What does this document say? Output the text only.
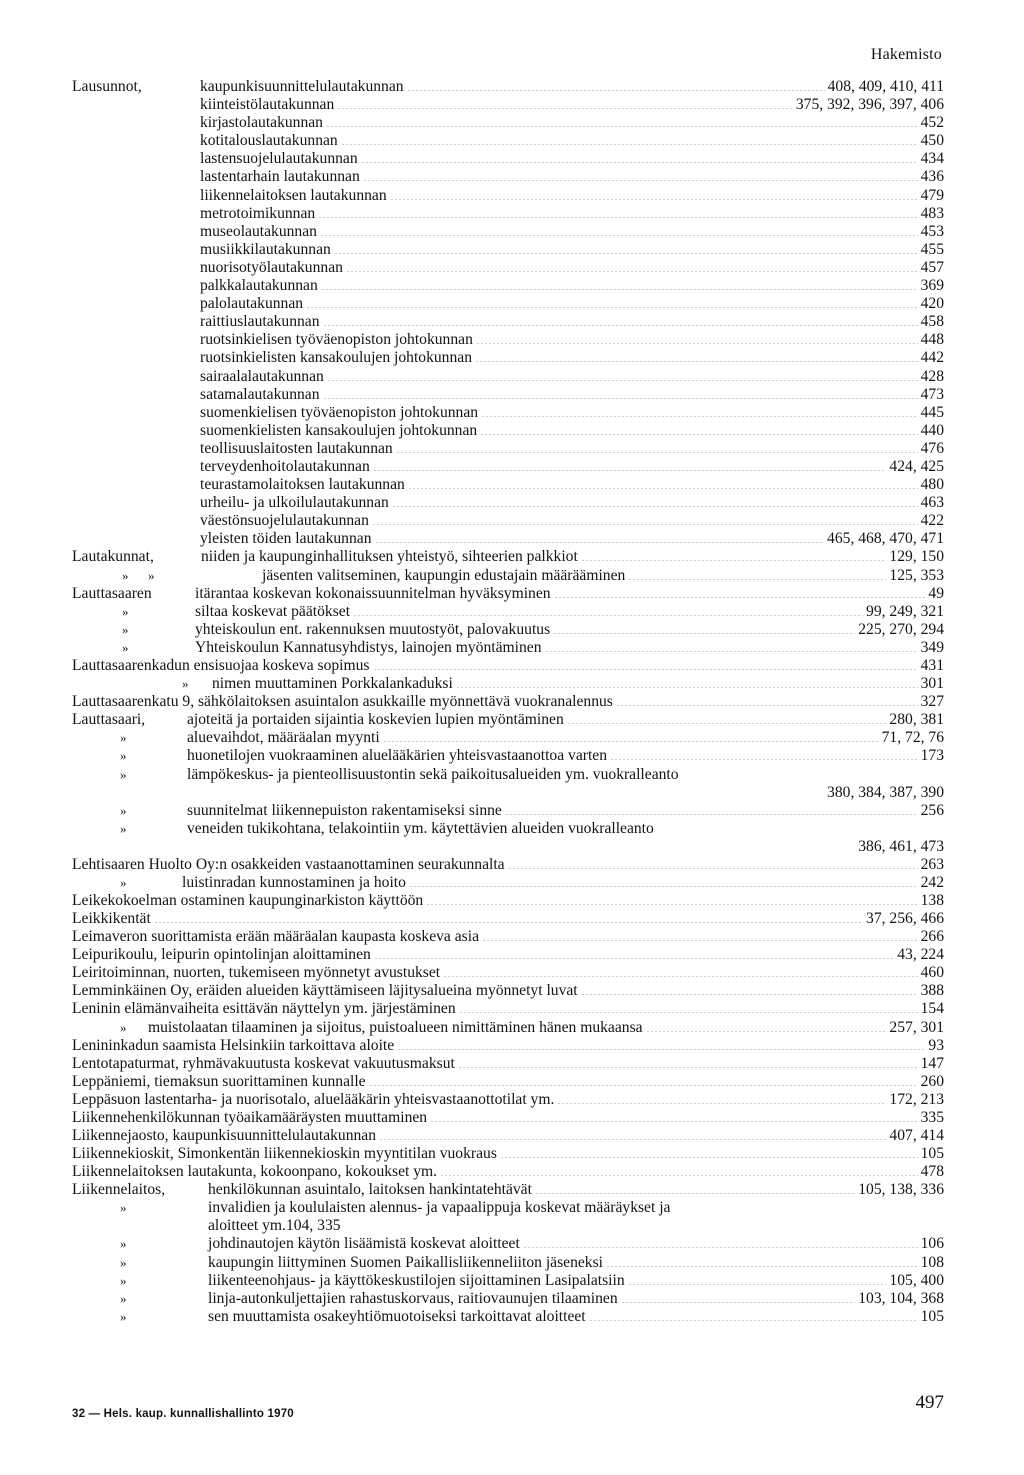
Hakemisto
Lausunnot,	kaupunkisuunnittelulautakunnan	408, 409, 410, 411
kiinteistölautakunnan	375, 392, 396, 397, 406
kirjastolautakunnan	452
kotitalouslautakunnan	450
lastensuojelulautakunnan	434
lastentarhain lautakunnan	436
liikennelaitoksen lautakunnan	479
metrotoimikunnan	483
museolautakunnan	453
musiikkilautakunnan	455
nuorisotyölautakunnan	457
palkkalautakunnan	369
palolautakunnan	420
raittiuslautakunnan	458
ruotsinkielisen työväenopiston johtokunnan	448
ruotsinkielisten kansakoulujen johtokunnan	442
sairaalalautakunnan	428
satamalautakunnan	473
suomenkielisen työväenopiston johtokunnan	445
suomenkielisten kansakoulujen johtokunnan	440
teollisuuslaitosten lautakunnan	476
terveydenhoitolautakunnan	424, 425
teurastamolaitoksen lautakunnan	480
urheilu- ja ulkoilulautakunnan	463
väestönsuojelulautakunnan	422
yleisten töiden lautakunnan	465, 468, 470, 471
Lautakunnat,	niiden ja kaupunginhallituksen yhteistyö, sihteerien palkkiot	129, 150
»      »	jäsenten valitseminen, kaupungin edustajain määrääminen	125, 353
Lauttasaaren	itärantaa koskevan kokonaissuunnitelman hyväksyminen	49
»	siltaa koskevat päätökset	99, 249, 321
»	yhteiskoulun ent. rakennuksen muutostyöt, palovakuutus	225, 270, 294
»	Yhteiskoulun Kannatusyhdistys, lainojen myöntäminen	349
Lauttasaarenkadun ensisuojaa koskeva sopimus	431
» nimen muuttaminen Porkkalankaduksi	301
Lauttasaarenkatu 9, sähkölaitoksen asuintalon asukkaille myönnettävä vuokranalennus	327
Lauttasaari,	ajoteitä ja portaiden sijaintia koskevien lupien myöntäminen	280, 381
»	aluevaihdot, määräalan myynti	71, 72, 76
»	huonetilojen vuokraaminen aluelääkärien yhteisvastaanottoa varten	173
»	lämpökeskus- ja pienteollisuustontin sekä paikoitusalueiden ym. vuokralleanto
380, 384, 387, 390
»	suunnitelmat liikennepuiston rakentamiseksi sinne	256
»	veneiden tukikohtana, telakointiin ym. käytettävien alueiden vuokralleanto
386, 461, 473
Lehtisaaren Huolto Oy:n osakkeiden vastaanottaminen seurakunnalta	263
»	luistinradan kunnostaminen ja hoito	242
Leikekokoelman ostaminen kaupunginarkiston käyttöön	138
Leikkikentät	37, 256, 466
Leimaveron suorittamista erään määräalan kaupasta koskeva asia	266
Leipurikoulu, leipurin opintolinjan aloittaminen	43, 224
Leiritoiminnan, nuorten, tukemiseen myönnetyt avustukset	460
Lemminkäinen Oy, eräiden alueiden käyttämiseen läjitysalueina myönnetyt luvat	388
Leninin elämänvaiheita esittävän näyttelyn ym. järjestäminen	154
» muistolaatan tilaaminen ja sijoitus, puistoalueen nimittäminen hänen mukaansa	257, 301
Lenininkadun saamista Helsinkiin tarkoittava aloite	93
Lentotapaturmat, ryhmävakuutusta koskevat vakuutusmaksut	147
Leppäniemi, tiemaksun suorittaminen kunnalle	260
Leppäsuon lastentarha- ja nuorisotalo, aluelääkärin yhteisvastaanottotilat ym.	172, 213
Liikennehenkilökunnan työaikamääräysten muuttaminen	335
Liikennejaosto, kaupunkisuunnittelulautakunnan	407, 414
Liikennekioskit, Simonkentän liikennekioskin myyntitilan vuokraus	105
Liikennelaitoksen lautakunta, kokoonpano, kokoukset ym.	478
Liikennelaitos,	henkilökunnan asuintalo, laitoksen hankintatehtävät	105, 138, 336
»	invalidien ja koululaisten alennus- ja vapaalippuja koskevat määräykset ja
aloitteet ym. 104, 335
»	johdinautojen käytön lisäämistä koskevat aloitteet	106
»	kaupungin liittyminen Suomen Paikallisliikenneliiton jäseneksi	108
»	liikenteenohjaus- ja käyttökeskustilojen sijoittaminen Lasipalatsiin	105, 400
»	linja-autonkuljettajien rahastuskorvaus, raitiovaunujen tilaaminen	103, 104, 368
»	sen muuttamista osakeyhtiömuotoiseksi tarkoittavat aloitteet	105
32 — Hels. kaup. kunnallishallinto 1970
497
